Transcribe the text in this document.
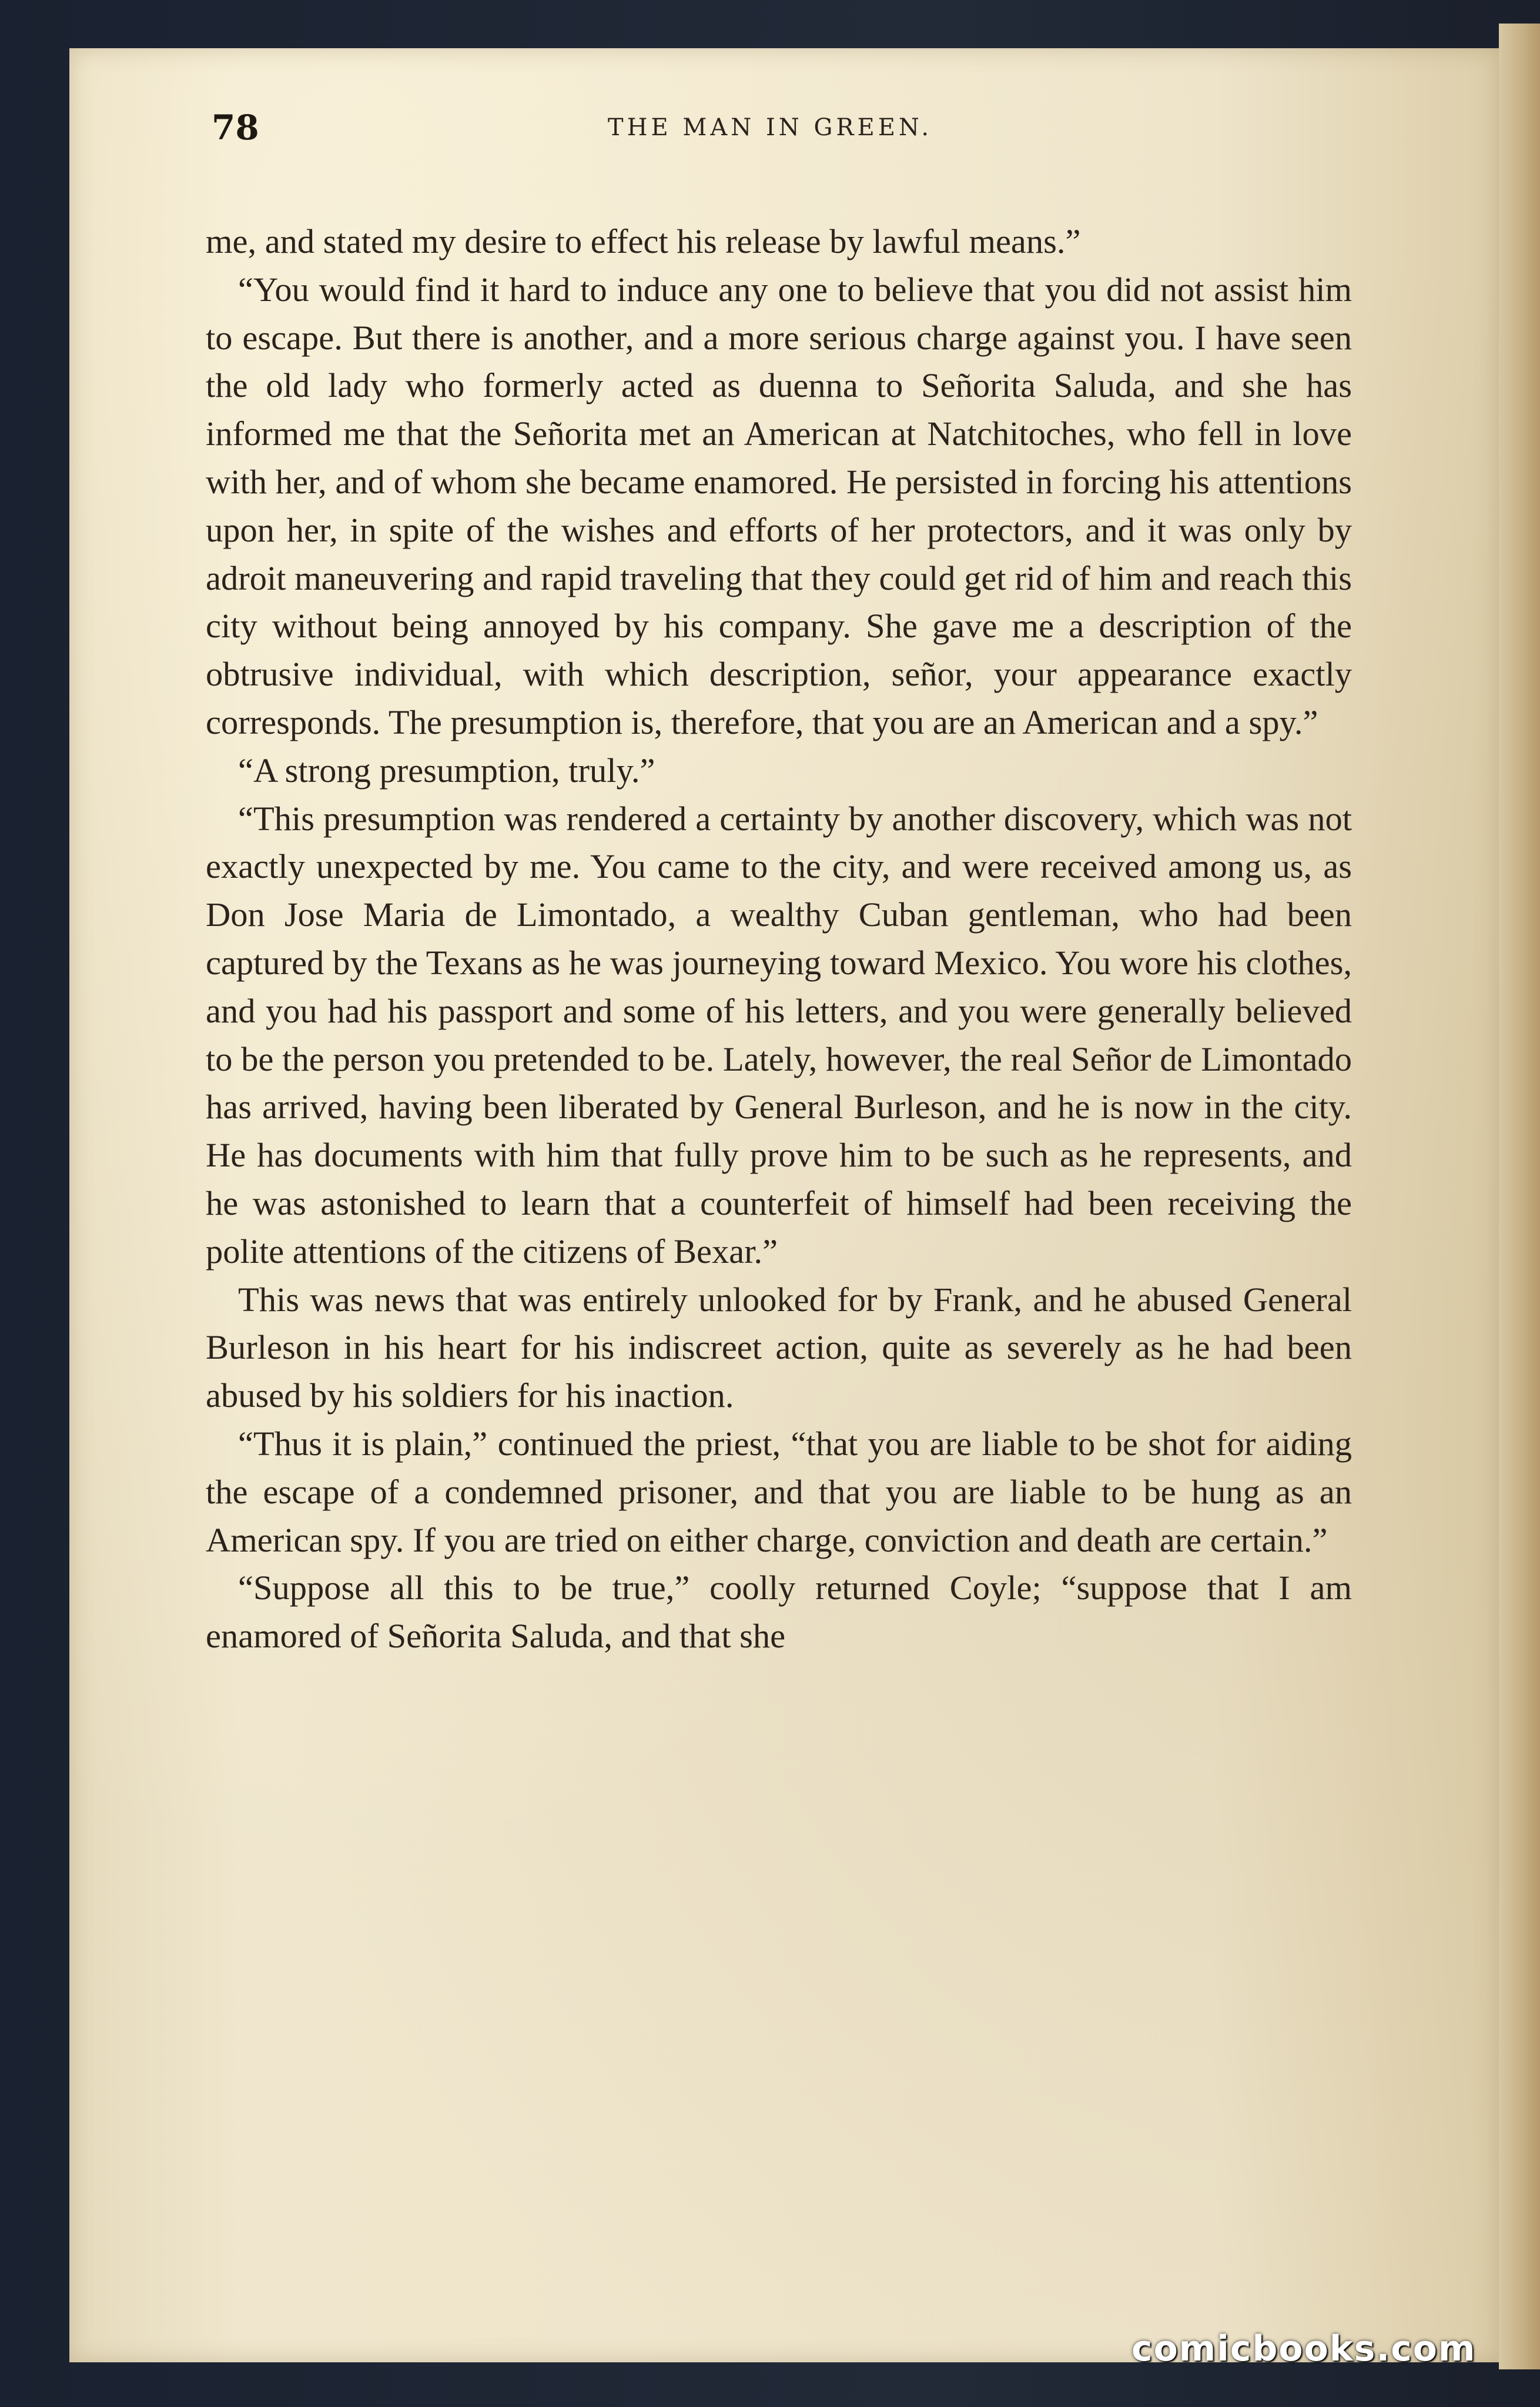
78	THE MAN IN GREEN.

me, and stated my desire to effect his release by lawful means.”

“You would find it hard to induce any one to believe that you did not assist him to escape. But there is another, and a more serious charge against you. I have seen the old lady who formerly acted as duenna to Señorita Saluda, and she has informed me that the Señorita met an American at Natchitoches, who fell in love with her, and of whom she became enamored. He persisted in forcing his attentions upon her, in spite of the wishes and efforts of her protectors, and it was only by adroit maneuvering and rapid traveling that they could get rid of him and reach this city without being annoyed by his company. She gave me a description of the obtrusive individual, with which description, señor, your appearance exactly corresponds. The presumption is, therefore, that you are an American and a spy.”

“A strong presumption, truly.”

“This presumption was rendered a certainty by another discovery, which was not exactly unexpected by me. You came to the city, and were received among us, as Don Jose Maria de Limontado, a wealthy Cuban gentleman, who had been captured by the Texans as he was journeying toward Mexico. You wore his clothes, and you had his passport and some of his letters, and you were generally believed to be the person you pretended to be. Lately, however, the real Señor de Limontado has arrived, having been liberated by General Burleson, and he is now in the city. He has documents with him that fully prove him to be such as he represents, and he was astonished to learn that a counterfeit of himself had been receiving the polite attentions of the citizens of Bexar.”

This was news that was entirely unlooked for by Frank, and he abused General Burleson in his heart for his indiscreet action, quite as severely as he had been abused by his soldiers for his inaction.

“Thus it is plain,” continued the priest, “that you are liable to be shot for aiding the escape of a condemned prisoner, and that you are liable to be hung as an American spy. If you are tried on either charge, conviction and death are certain.”

“Suppose all this to be true,” coolly returned Coyle; “suppose that I am enamored of Señorita Saluda, and that she

comicbooks.com
